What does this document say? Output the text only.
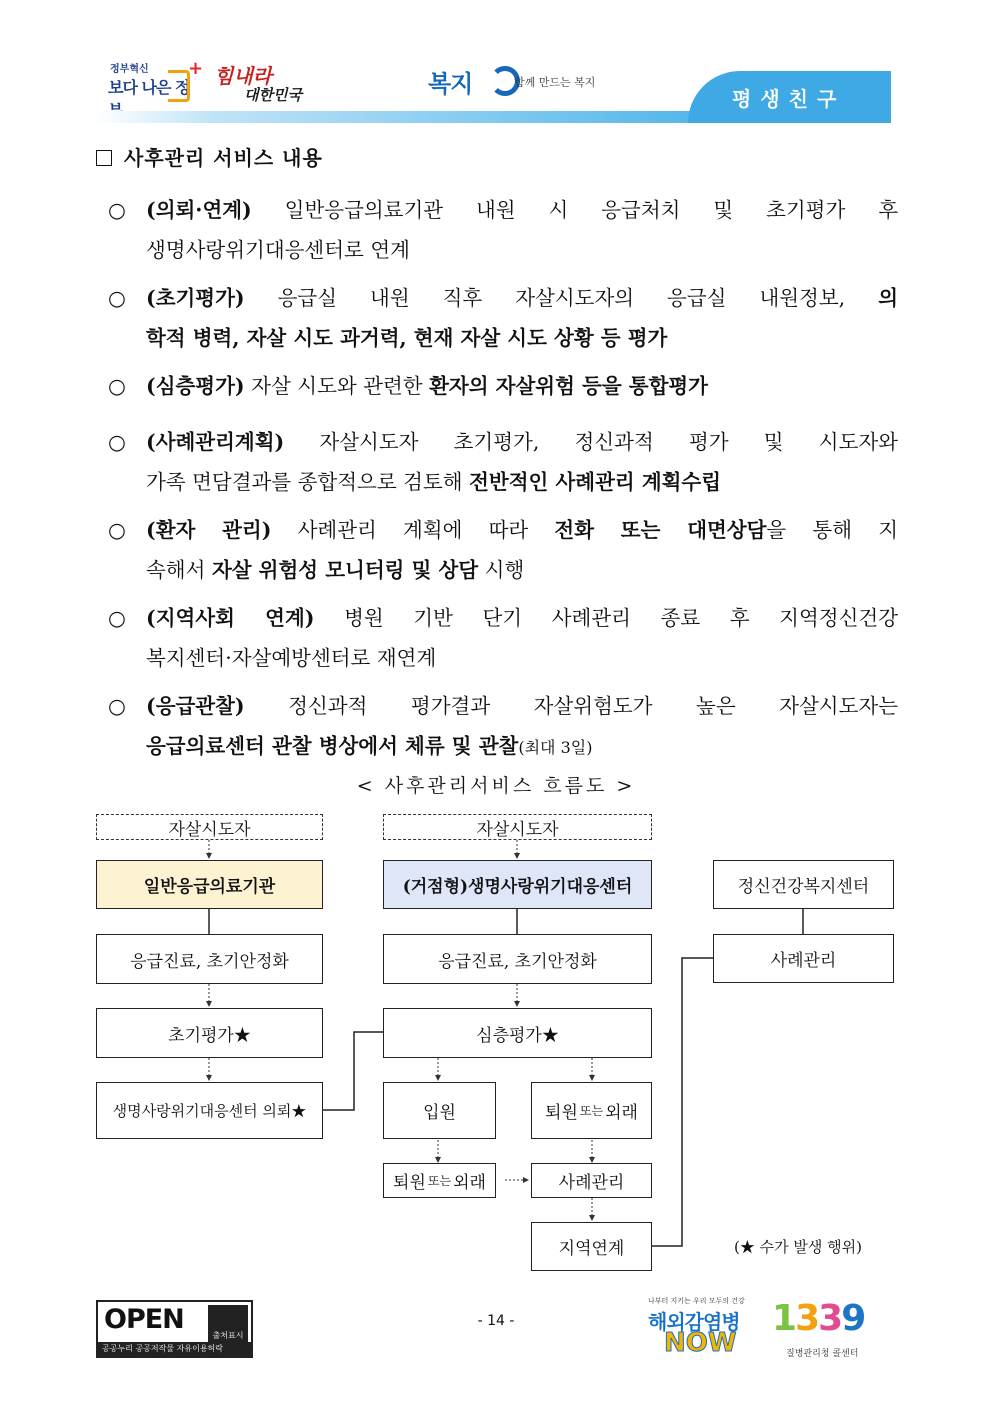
정부혁신
보다 나은 정
+ 힘내라
대한민국	복지	함께 만드는 복지
평생친구
사후관리 서비스 내용
○ (의뢰·연계) 일반응급의료기관 내원 시 응급처치 및 초기평가 후
생명사랑위기대응센터로 연계
○ (초기평가) 응급실 내원 직후 자살시도자의 응급실 내원정보, 의
학적 병력, 자살 시도 과거력, 현재 자살 시도 상황 등 평가
○ (심층평가) 자살 시도와 관련한 환자의 자살위험 등을 통합평가
○ (사례관리계획) 자살시도자 초기평가, 정신과적 평가 및 시도자와
가족 면담결과를 종합적으로 검토해 전반적인 사례관리 계획수립
○ (환자 관리) 사례관리 계획에 따라 전화 또는 대면상담을 통해 지
속해서 자살 위험성 모니터링 및 상담 시행
○ (지역사회 연계) 병원 기반 단기 사례관리 종료 후 지역정신건강
복지센터·자살예방센터로 재연계
○ (응급관찰) 정신과적 평가결과 자살위험도가 높은 자살시도자는
응급의료센터 관찰 병상에서 체류 및 관찰(최대 3일)
< 사후관리서비스 흐름도 >
자살시도자
일반응급의료기관
응급진료, 초기안정화
초기평가★
생명사랑위기대응센터 의뢰★
자살시도자
(거점형)생명사랑위기대응센터
응급진료, 초기안정화
심층평가★
입원	퇴원 또는 외래
퇴원 또는 외래	사례관리
지역연계
정신건강복지센터
사례관리
(★ 수가 발생 행위)
OPEN
출처표시
공공누리 공공저작물 자유이용허락
- 14 -
나부터 지키는 우리 모두의 건강
해외감염병
NOW
1339
질병관리청 콜센터
